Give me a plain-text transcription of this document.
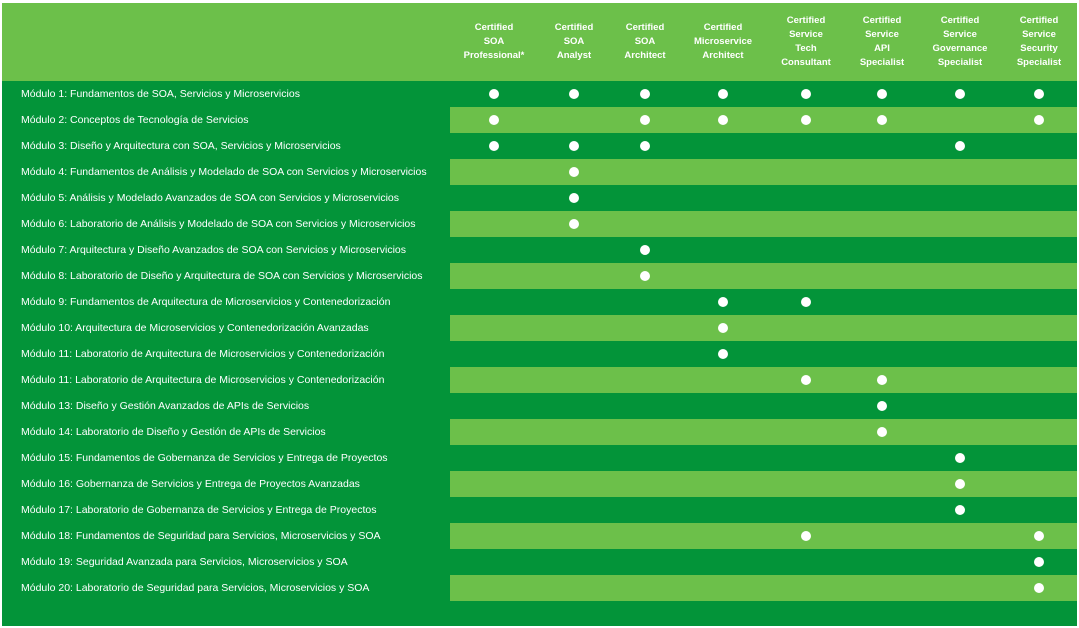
Certified
SOA
Professional*
Certified
SOA
Analyst
Certified
SOA
Architect
Certified
Microservice
Architect
Certified
Service
Tech
Consultant
Certified
Service
API
Specialist
Certified
Service
Governance
Specialist
Certified
Service
Security
Specialist
Módulo 1: Fundamentos de SOA, Servicios y Microservicios
Módulo 2: Conceptos de Tecnología de Servicios
Módulo 3: Diseño y Arquitectura con SOA, Servicios y Microservicios
Módulo 4: Fundamentos de Análisis y Modelado de SOA con Servicios y Microservicios
Módulo 5: Análisis y Modelado Avanzados de SOA con Servicios y Microservicios
Módulo 6: Laboratorio de Análisis y Modelado de SOA con Servicios y Microservicios
Módulo 7: Arquitectura y Diseño Avanzados de SOA con Servicios y Microservicios
Módulo 8: Laboratorio de Diseño y Arquitectura de SOA con Servicios y Microservicios
Módulo 9: Fundamentos de Arquitectura de Microservicios y Contenedorización
Módulo 10: Arquitectura de Microservicios y Contenedorización Avanzadas
Módulo 11: Laboratorio de Arquitectura de Microservicios y Contenedorización
Módulo 11: Laboratorio de Arquitectura de Microservicios y Contenedorización
Módulo 13: Diseño y Gestión Avanzados de APIs de Servicios
Módulo 14: Laboratorio de Diseño y Gestión de APIs de Servicios
Módulo 15: Fundamentos de Gobernanza de Servicios y Entrega de Proyectos
Módulo 16: Gobernanza de Servicios y Entrega de Proyectos Avanzadas
Módulo 17: Laboratorio de Gobernanza de Servicios y Entrega de Proyectos
Módulo 18: Fundamentos de Seguridad para Servicios, Microservicios y SOA
Módulo 19: Seguridad Avanzada para Servicios, Microservicios y SOA
Módulo 20: Laboratorio de Seguridad para Servicios, Microservicios y SOA
